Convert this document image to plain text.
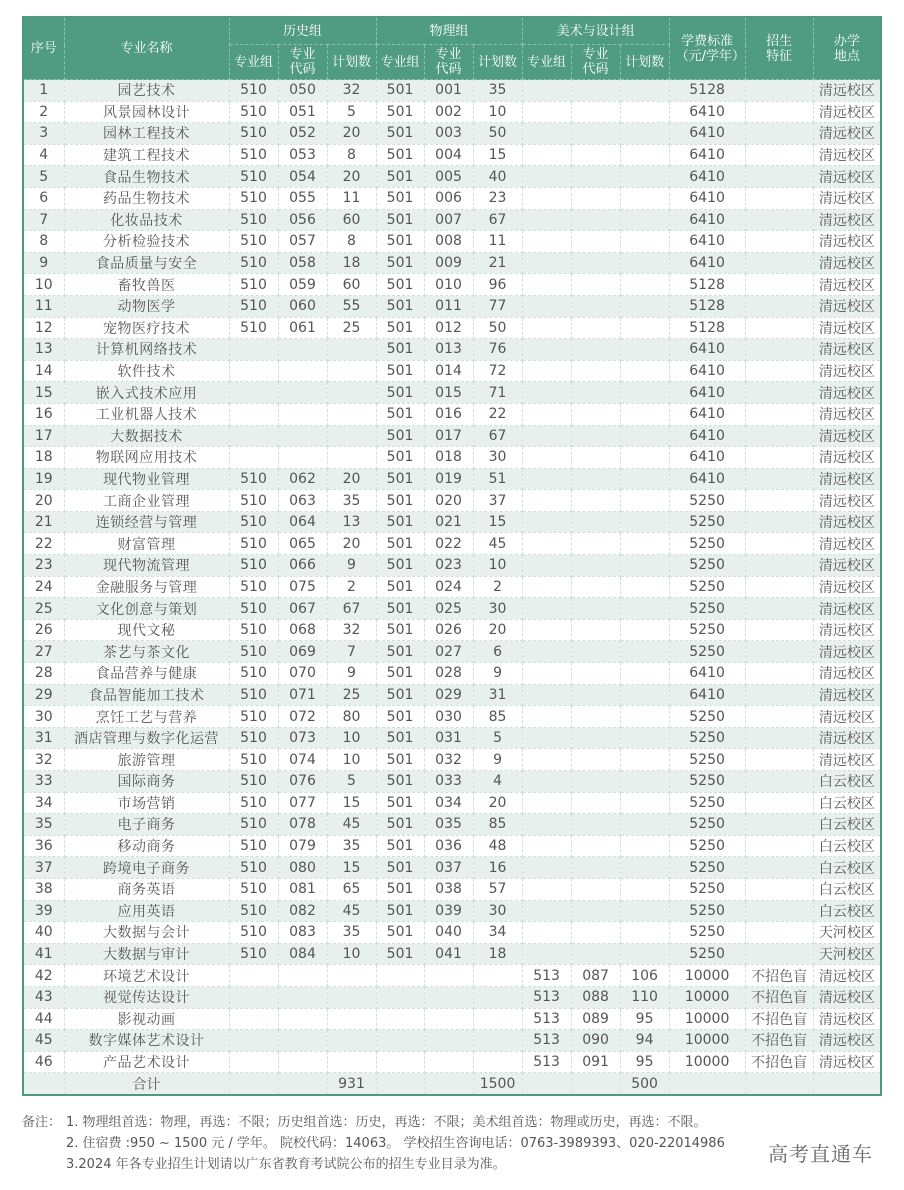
序号	专业名称	历史组			物理组			美术与设计组			学费标准（元/学年）	招生特征	办学地点
		专业组	专业代码	计划数	专业组	专业代码	计划数	专业组	专业代码	计划数			
1	园艺技术	510	050	32	501	001	35				5128		清远校区
2	风景园林设计	510	051	5	501	002	10				6410		清远校区
3	园林工程技术	510	052	20	501	003	50				6410		清远校区
4	建筑工程技术	510	053	8	501	004	15				6410		清远校区
5	食品生物技术	510	054	20	501	005	40				6410		清远校区
6	药品生物技术	510	055	11	501	006	23				6410		清远校区
7	化妆品技术	510	056	60	501	007	67				6410		清远校区
8	分析检验技术	510	057	8	501	008	11				6410		清远校区
9	食品质量与安全	510	058	18	501	009	21				6410		清远校区
10	畜牧兽医	510	059	60	501	010	96				5128		清远校区
11	动物医学	510	060	55	501	011	77				5128		清远校区
12	宠物医疗技术	510	061	25	501	012	50				5128		清远校区
13	计算机网络技术				501	013	76				6410		清远校区
14	软件技术				501	014	72				6410		清远校区
15	嵌入式技术应用				501	015	71				6410		清远校区
16	工业机器人技术				501	016	22				6410		清远校区
17	大数据技术				501	017	67				6410		清远校区
18	物联网应用技术				501	018	30				6410		清远校区
19	现代物业管理	510	062	20	501	019	51				6410		清远校区
20	工商企业管理	510	063	35	501	020	37				5250		清远校区
21	连锁经营与管理	510	064	13	501	021	15				5250		清远校区
22	财富管理	510	065	20	501	022	45				5250		清远校区
23	现代物流管理	510	066	9	501	023	10				5250		清远校区
24	金融服务与管理	510	075	2	501	024	2				5250		清远校区
25	文化创意与策划	510	067	67	501	025	30				5250		清远校区
26	现代文秘	510	068	32	501	026	20				5250		清远校区
27	茶艺与茶文化	510	069	7	501	027	6				5250		清远校区
28	食品营养与健康	510	070	9	501	028	9				6410		清远校区
29	食品智能加工技术	510	071	25	501	029	31				6410		清远校区
30	烹饪工艺与营养	510	072	80	501	030	85				5250		清远校区
31	酒店管理与数字化运营	510	073	10	501	031	5				5250		清远校区
32	旅游管理	510	074	10	501	032	9				5250		清远校区
33	国际商务	510	076	5	501	033	4				5250		白云校区
34	市场营销	510	077	15	501	034	20				5250		白云校区
35	电子商务	510	078	45	501	035	85				5250		白云校区
36	移动商务	510	079	35	501	036	48				5250		白云校区
37	跨境电子商务	510	080	15	501	037	16				5250		白云校区
38	商务英语	510	081	65	501	038	57				5250		白云校区
39	应用英语	510	082	45	501	039	30				5250		白云校区
40	大数据与会计	510	083	35	501	040	34				5250		天河校区
41	大数据与审计	510	084	10	501	041	18				5250		天河校区
42	环境艺术设计							513	087	106	10000	不招色盲	清远校区
43	视觉传达设计							513	088	110	10000	不招色盲	清远校区
44	影视动画							513	089	95	10000	不招色盲	清远校区
45	数字媒体艺术设计							513	090	94	10000	不招色盲	清远校区
46	产品艺术设计							513	091	95	10000	不招色盲	清远校区
	合计			931			1500			500			
备注： 1. 物理组首选：物理，再选：不限；历史组首选：历史，再选：不限；美术组首选：物理或历史，再选：不限。
2. 住宿费 :950 ~ 1500 元 / 学年。 院校代码：14063。 学校招生咨询电话：0763-3989393、020-22014986
3.2024 年各专业招生计划请以广东省教育考试院公布的招生专业目录为准。	高考直通车
